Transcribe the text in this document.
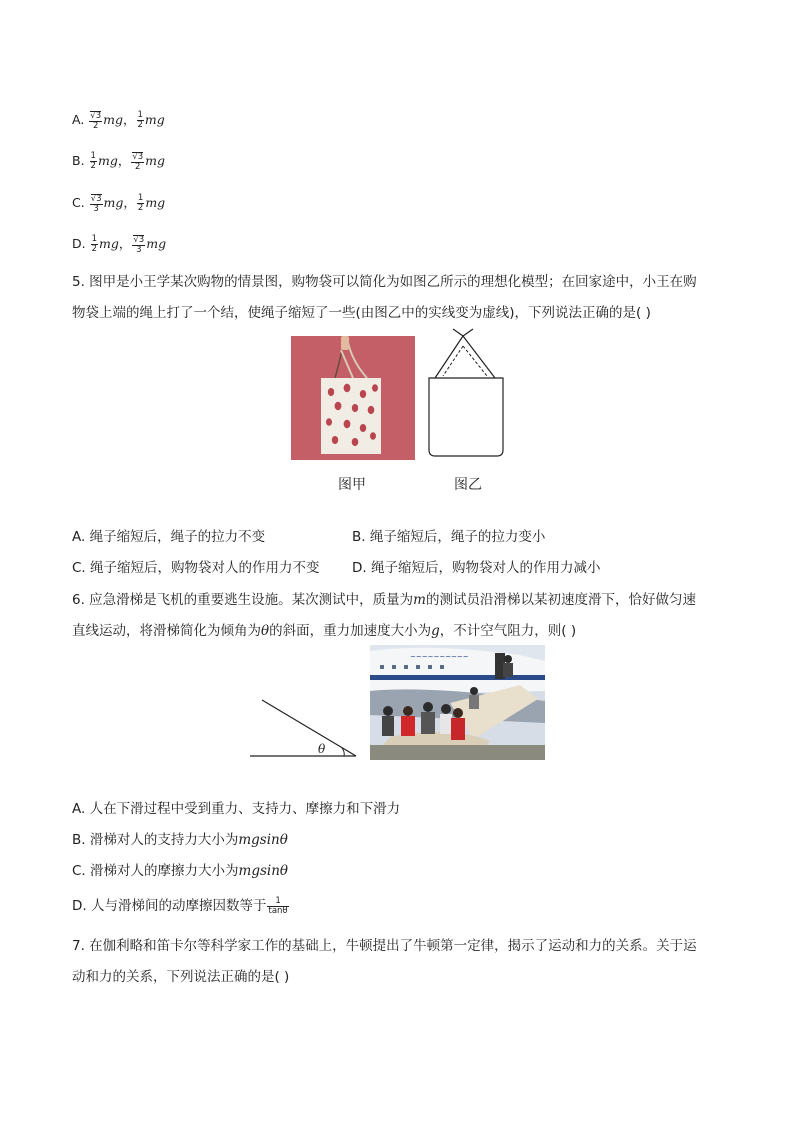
A. $\frac{√3}{2}$ mg， $\frac{1}{2}$ mg
B. $\frac{1}{2}$ mg， $\frac{√3}{2}$ mg
C. $\frac{√3}{3}$ mg， $\frac{1}{2}$ mg
D. $\frac{1}{2}$ mg， $\frac{√3}{3}$ mg
5. 图甲是小王学某次购物的情景图，购物袋可以简化为如图乙所示的理想化模型；在回家途中，小王在购
物袋上端的绳上打了一个结，使绳子缩短了一些(由图乙中的实线变为虚线)，下列说法正确的是( )
图甲	图乙
A. 绳子缩短后，绳子的拉力不变	B. 绳子缩短后，绳子的拉力变小
C. 绳子缩短后，购物袋对人的作用力不变 D. 绳子缩短后，购物袋对人的作用力减小
6. 应急滑梯是飞机的重要逃生设施。某次测试中，质量为m的测试员沿滑梯以某初速度滑下，恰好做匀速
直线运动，将滑梯简化为倾角为θ的斜面，重力加速度大小为g，不计空气阻力，则( )
θ
~~~~~~~~~~
A. 人在下滑过程中受到重力、支持力、摩擦力和下滑力
B. 滑梯对人的支持力大小为mgsinθ
C. 滑梯对人的摩擦力大小为mgsinθ
D. 人与滑梯间的动摩擦因数等于 $\frac{1}{\tan\theta}$
7. 在伽利略和笛卡尔等科学家工作的基础上，牛顿提出了牛顿第一定律，揭示了运动和力的关系。关于运
动和力的关系，下列说法正确的是( )
